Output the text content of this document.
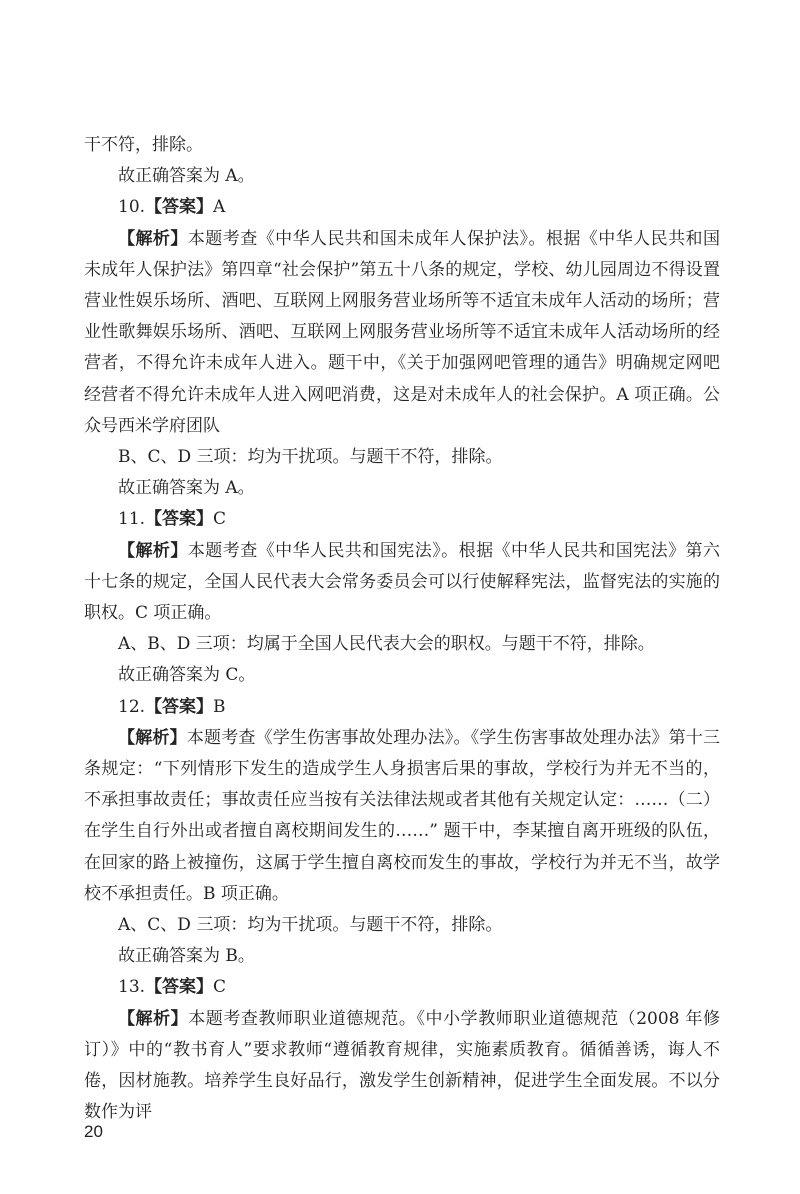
干不符，排除。

故正确答案为 A。

10.【答案】A

【解析】本题考查《中华人民共和国未成年人保护法》。根据《中华人民共和国未成年人保护法》第四章“社会保护”第五十八条的规定，学校、幼儿园周边不得设置营业性娱乐场所、酒吧、互联网上网服务营业场所等不适宜未成年人活动的场所；营业性歌舞娱乐场所、酒吧、互联网上网服务营业场所等不适宜未成年人活动场所的经营者，不得允许未成年人进入。题干中，《关于加强网吧管理的通告》明确规定网吧经营者不得允许未成年人进入网吧消费，这是对未成年人的社会保护。A 项正确。公众号西米学府团队

B、C、D 三项：均为干扰项。与题干不符，排除。

故正确答案为 A。

11.【答案】C

【解析】本题考查《中华人民共和国宪法》。根据《中华人民共和国宪法》第六十七条的规定，全国人民代表大会常务委员会可以行使解释宪法，监督宪法的实施的职权。C 项正确。

A、B、D 三项：均属于全国人民代表大会的职权。与题干不符，排除。

故正确答案为 C。

12.【答案】B

【解析】本题考查《学生伤害事故处理办法》。《学生伤害事故处理办法》第十三条规定：“下列情形下发生的造成学生人身损害后果的事故，学校行为并无不当的，不承担事故责任；事故责任应当按有关法律法规或者其他有关规定认定：……（二）在学生自行外出或者擅自离校期间发生的……” 题干中，李某擅自离开班级的队伍，在回家的路上被撞伤，这属于学生擅自离校而发生的事故，学校行为并无不当，故学校不承担责任。B 项正确。

A、C、D 三项：均为干扰项。与题干不符，排除。

故正确答案为 B。

13.【答案】C

【解析】本题考查教师职业道德规范。《中小学教师职业道德规范（2008 年修订）》中的“教书育人”要求教师“遵循教育规律，实施素质教育。循循善诱，诲人不倦，因材施教。培养学生良好品行，激发学生创新精神，促进学生全面发展。不以分数作为评

20
